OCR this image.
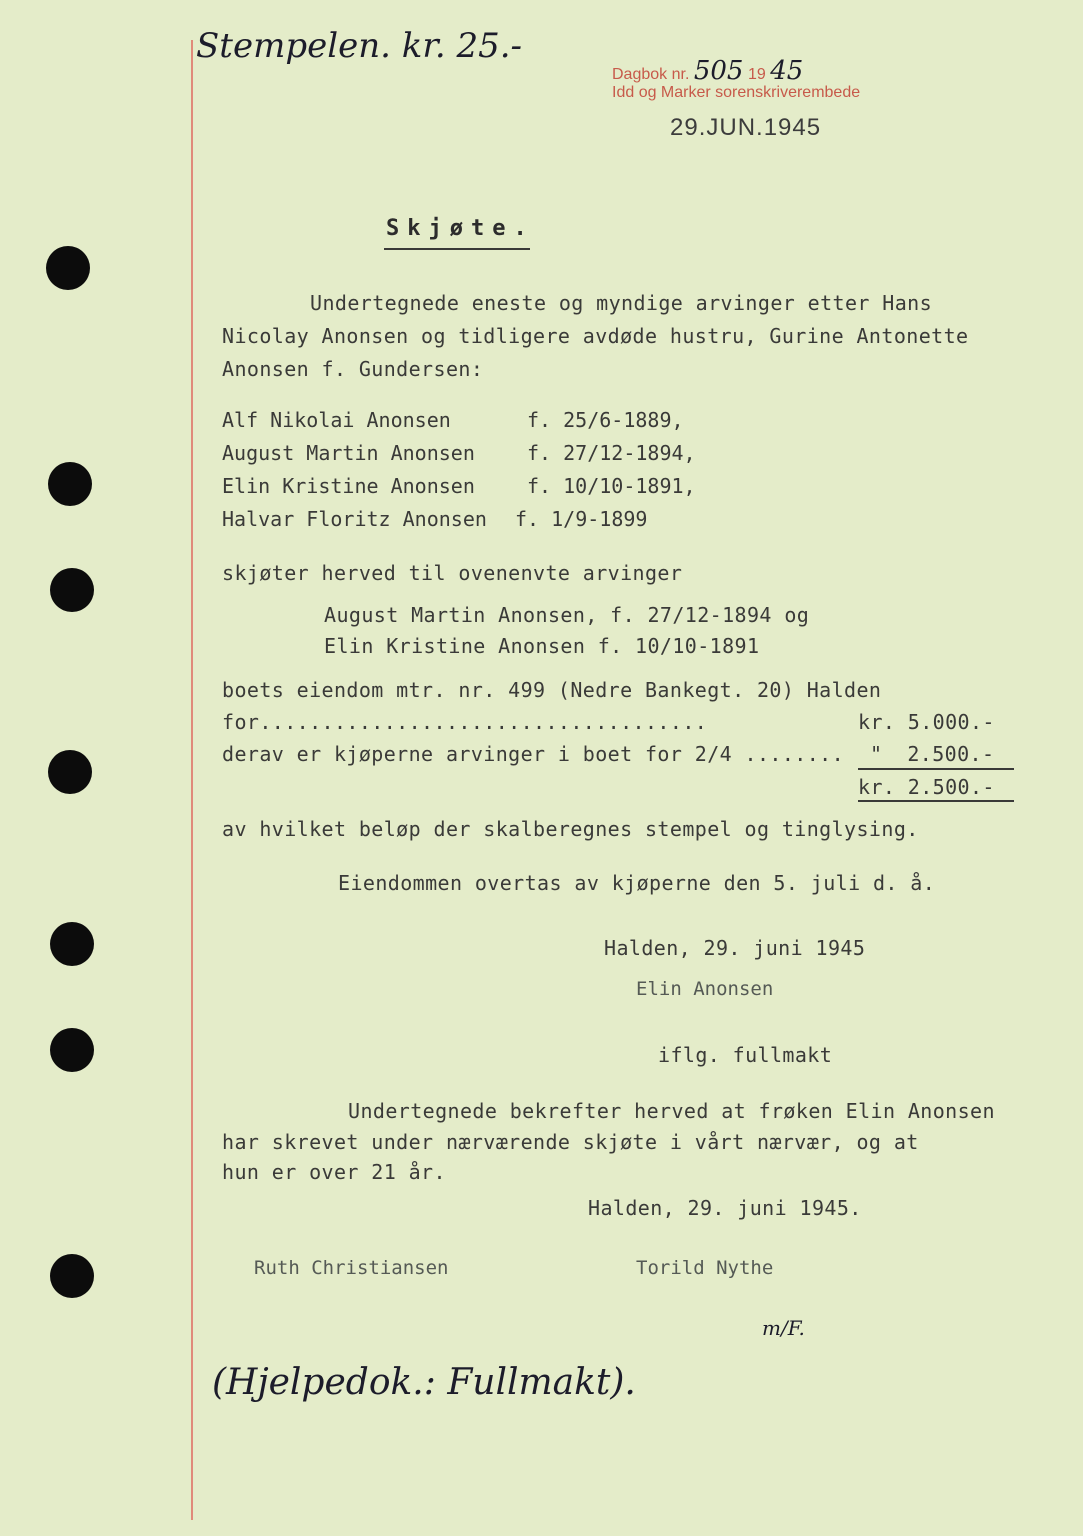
Stempelen. kr. 25.-
Dagbok nr. 505 19 45
Idd og Marker sorenskriverembede
29.JUN.1945
Skjøte.
Undertegnede eneste og myndige arvinger etter Hans
Nicolay Anonsen og tidligere avdøde hustru, Gurine Antonette
Anonsen f. Gundersen:
Alf Nikolai Anonsen	f. 25/6-1889,
August Martin Anonsen	f. 27/12-1894,
Elin Kristine Anonsen	f. 10/10-1891,
Halvar Floritz Anonsen f. 1/9-1899
skjøter herved til ovenenvte arvinger
August Martin Anonsen, f. 27/12-1894 og
Elin Kristine Anonsen f. 10/10-1891
boets eiendom mtr. nr. 499 (Nedre Bankegt. 20) Halden
for....................................	kr. 5.000.-
derav er kjøperne arvinger i boet for 2/4 ........ "  2.500.-
kr. 2.500.-
av hvilket beløp der skalberegnes stempel og tinglysing.
Eiendommen overtas av kjøperne den 5. juli d. å.
Halden, 29. juni 1945
Elin Anonsen
iflg. fullmakt
Undertegnede bekrefter herved at frøken Elin Anonsen
har skrevet under nærværende skjøte i vårt nærvær, og at
hun er over 21 år.
Halden, 29. juni 1945.
Ruth Christiansen	Torild Nythe
m/F.
(Hjelpedok.: Fullmakt).
